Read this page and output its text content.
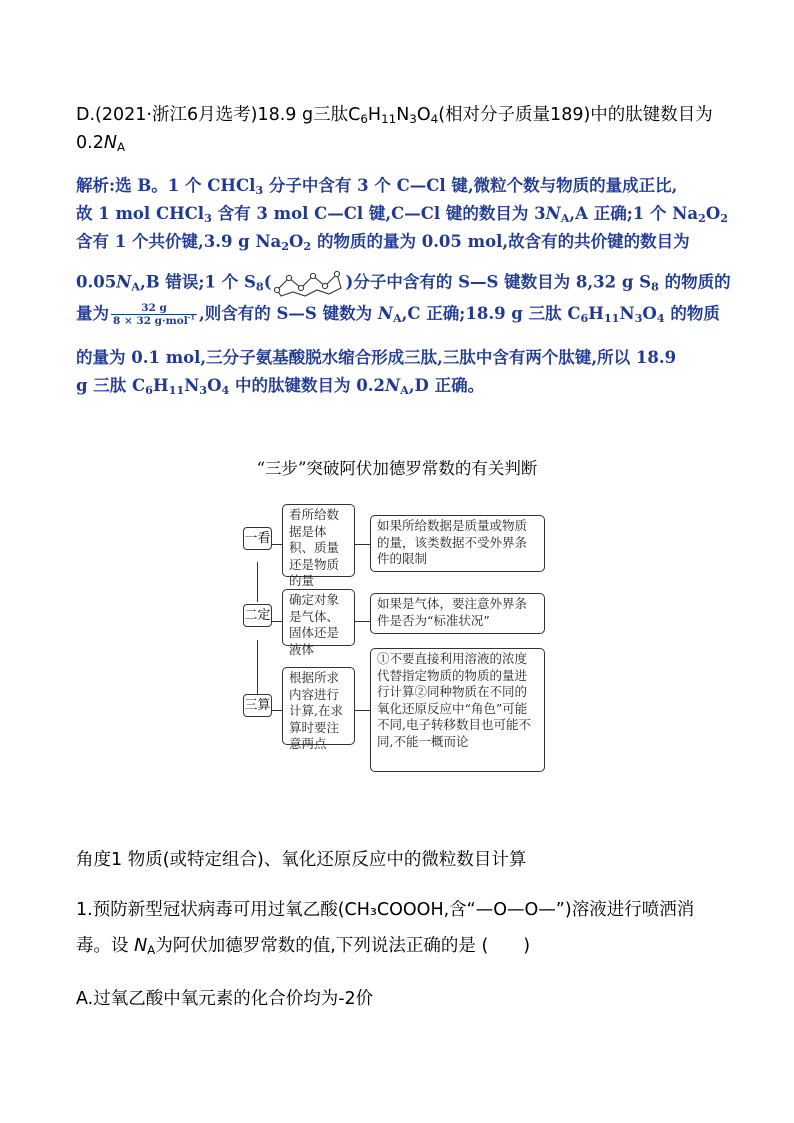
D.(2021·浙江6月选考)18.9 g三肽$C_6H_{11}N_3O_4$(相对分子质量189)中的肽键数目为
$0.2N_A$
解析:选 B。1 个 CHCl$_3$ 分子中含有 3 个 C—Cl 键,微粒个数与物质的量成正比,
故 1 mol CHCl$_3$ 含有 3 mol C—Cl 键,C—Cl 键的数目为 $3N_A,A$ 正确;1 个 $Na_2O_2$
含有 1 个共价键,3.9 g $Na_2O_2$ 的物质的量为 0.05 mol,故含有的共价键的数目为
$0.05N_A,B$ 错误;1 个 $S_8$(	)分子中含有的 S—S 键数目为 8,32 g $S_8$ 的物质的
量为 $\frac{32 g}{8 \times 32 g\cdot mol^{-1}}$ ,则含有的 S—S 键数为 $N_A,C$ 正确;18.9 g 三肽 $C_6H_{11}N_3O_4$ 的物质
的量为 0.1 mol,三分子氨基酸脱水缩合形成三肽,三肽中含有两个肽键,所以 18.9
g 三肽 $C_6H_{11}N_3O_4$ 中的肽键数目为 $0.2N_A,D$ 正确。
“三步”突破阿伏加德罗常数的有关判断
一看
二定
三算
看所给数据是体积、质量还是物质的量
如果所给数据是质量或物质的量，该类数据不受外界条件的限制
确定对象是气体、固体还是液体
如果是气体，要注意外界条件是否为“标准状况”
根据所求内容进行计算,在求算时要注意两点
①不要直接利用溶液的浓度代替指定物质的物质的量进行计算②同种物质在不同的氧化还原反应中“角色”可能不同,电子转移数目也可能不同,不能一概而论
角度1 物质(或特定组合)、氧化还原反应中的微粒数目计算
1.预防新型冠状病毒可用过氧乙酸(CH₃COOOH,含“—O—O—”)溶液进行喷洒消
毒。设 $N_A$为阿伏加德罗常数的值,下列说法正确的是 (　　)
A.过氧乙酸中氧元素的化合价均为-2价
